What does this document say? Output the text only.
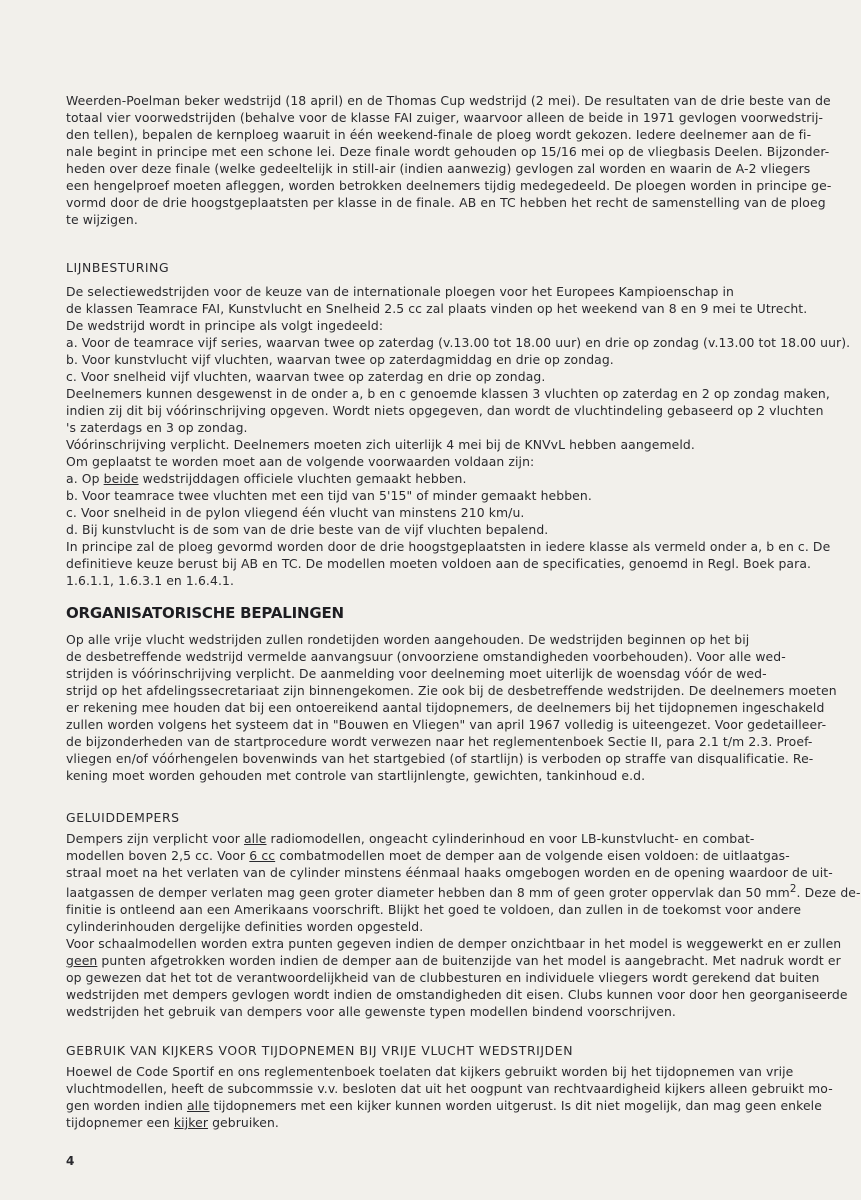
Weerden-Poelman beker wedstrijd (18 april) en de Thomas Cup wedstrijd (2 mei). De resultaten van de drie beste van de
totaal vier voorwedstrijden (behalve voor de klasse FAI zuiger, waarvoor alleen de beide in 1971 gevlogen voorwedstrij-
den tellen), bepalen de kernploeg waaruit in één weekend-finale de ploeg wordt gekozen. Iedere deelnemer aan de fi-
nale begint in principe met een schone lei. Deze finale wordt gehouden op 15/16 mei op de vliegbasis Deelen. Bijzonder-
heden over deze finale (welke gedeeltelijk in still-air (indien aanwezig) gevlogen zal worden en waarin de A-2 vliegers
een hengelproef moeten afleggen, worden betrokken deelnemers tijdig medegedeeld. De ploegen worden in principe ge-
vormd door de drie hoogstgeplaatsten per klasse in de finale. AB en TC hebben het recht de samenstelling van de ploeg
te wijzigen.

LIJNBESTURING

De selectiewedstrijden voor de keuze van de internationale ploegen voor het Europees Kampioenschap in
de klassen Teamrace FAI, Kunstvlucht en Snelheid 2.5 cc zal plaats vinden op het weekend van 8 en 9 mei te Utrecht.
De wedstrijd wordt in principe als volgt ingedeeld:
a. Voor de teamrace vijf series, waarvan twee op zaterdag (v.13.00 tot 18.00 uur) en drie op zondag (v.13.00 tot 18.00 uur).
b. Voor kunstvlucht vijf vluchten, waarvan twee op zaterdagmiddag en drie op zondag.
c. Voor snelheid vijf vluchten, waarvan twee op zaterdag en drie op zondag.
Deelnemers kunnen desgewenst in de onder a, b en c genoemde klassen 3 vluchten op zaterdag en 2 op zondag maken,
indien zij dit bij vóórinschrijving opgeven. Wordt niets opgegeven, dan wordt de vluchtindeling gebaseerd op 2 vluchten
's zaterdags en 3 op zondag.
Vóórinschrijving verplicht. Deelnemers moeten zich uiterlijk 4 mei bij de KNVvL hebben aangemeld.
Om geplaatst te worden moet aan de volgende voorwaarden voldaan zijn:
a. Op beide wedstrijddagen officiele vluchten gemaakt hebben.
b. Voor teamrace twee vluchten met een tijd van 5'15" of minder gemaakt hebben.
c. Voor snelheid in de pylon vliegend één vlucht van minstens 210 km/u.
d. Bij kunstvlucht is de som van de drie beste van de vijf vluchten bepalend.
In principe zal de ploeg gevormd worden door de drie hoogstgeplaatsten in iedere klasse als vermeld onder a, b en c. De
definitieve keuze berust bij AB en TC. De modellen moeten voldoen aan de specificaties, genoemd in Regl. Boek para.
1.6.1.1, 1.6.3.1 en 1.6.4.1.

ORGANISATORISCHE BEPALINGEN

Op alle vrije vlucht wedstrijden zullen rondetijden worden aangehouden. De wedstrijden beginnen op het bij
de desbetreffende wedstrijd vermelde aanvangsuur (onvoorziene omstandigheden voorbehouden). Voor alle wed-
strijden is vóórinschrijving verplicht. De aanmelding voor deelneming moet uiterlijk de woensdag vóór de wed-
strijd op het afdelingssecretariaat zijn binnengekomen. Zie ook bij de desbetreffende wedstrijden. De deelnemers moeten
er rekening mee houden dat bij een ontoereikend aantal tijdopnemers, de deelnemers bij het tijdopnemen ingeschakeld
zullen worden volgens het systeem dat in "Bouwen en Vliegen" van april 1967 volledig is uiteengezet. Voor gedetailleer-
de bijzonderheden van de startprocedure wordt verwezen naar het reglementenboek Sectie II, para 2.1 t/m 2.3. Proef-
vliegen en/of vóórhengelen bovenwinds van het startgebied (of startlijn) is verboden op straffe van disqualificatie. Re-
kening moet worden gehouden met controle van startlijnlengte, gewichten, tankinhoud e.d.

GELUIDDEMPERS

Dempers zijn verplicht voor alle radiomodellen, ongeacht cylinderinhoud en voor LB-kunstvlucht- en combat-
modellen boven 2,5 cc. Voor 6 cc combatmodellen moet de demper aan de volgende eisen voldoen: de uitlaatgas-
straal moet na het verlaten van de cylinder minstens éénmaal haaks omgebogen worden en de opening waardoor de uit-
laatgassen de demper verlaten mag geen groter diameter hebben dan 8 mm of geen groter oppervlak dan 50 $mm^2$. Deze de-
finitie is ontleend aan een Amerikaans voorschrift. Blijkt het goed te voldoen, dan zullen in de toekomst voor andere
cylinderinhouden dergelijke definities worden opgesteld.
Voor schaalmodellen worden extra punten gegeven indien de demper onzichtbaar in het model is weggewerkt en er zullen
geen punten afgetrokken worden indien de demper aan de buitenzijde van het model is aangebracht. Met nadruk wordt er
op gewezen dat het tot de verantwoordelijkheid van de clubbesturen en individuele vliegers wordt gerekend dat buiten
wedstrijden met dempers gevlogen wordt indien de omstandigheden dit eisen. Clubs kunnen voor door hen georganiseerde
wedstrijden het gebruik van dempers voor alle gewenste typen modellen bindend voorschrijven.

GEBRUIK VAN KIJKERS VOOR TIJDOPNEMEN BIJ VRIJE VLUCHT WEDSTRIJDEN

Hoewel de Code Sportif en ons reglementenboek toelaten dat kijkers gebruikt worden bij het tijdopnemen van vrije
vluchtmodellen, heeft de subcommssie v.v. besloten dat uit het oogpunt van rechtvaardigheid kijkers alleen gebruikt mo-
gen worden indien alle tijdopnemers met een kijker kunnen worden uitgerust. Is dit niet mogelijk, dan mag geen enkele
tijdopnemer een kijker gebruiken.

4
